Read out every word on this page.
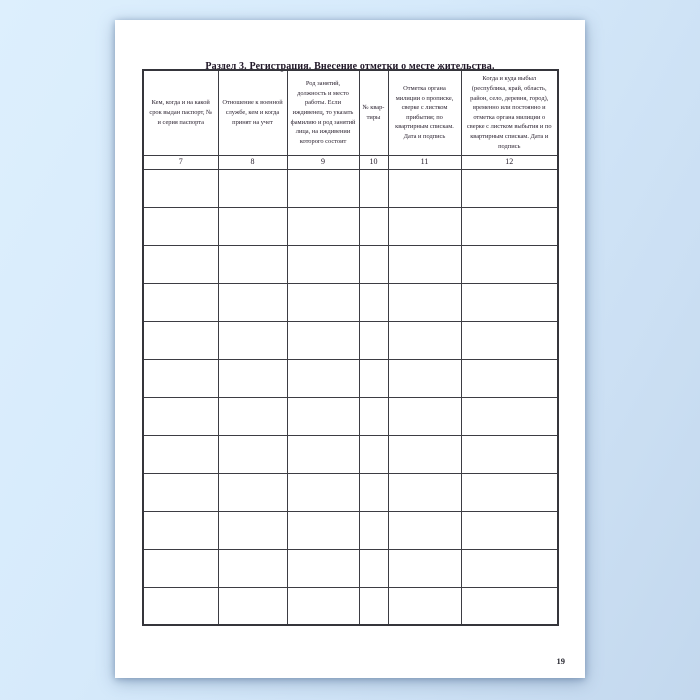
Раздел 3. Регистрация. Внесение отметки о месте жительства.
Кем, когда и на какой срок выдан паспорт, № и серия паспорта	Отношение к военной службе, кем и когда принят на учет	Род занятий, должность и место работы. Если иждивенец, то указать фамилию и род занятий лица, на иждивении которого состоит	№ квар-тиры	Отметка органа милиции о прописке, сверке с листком прибытия; по квартирным спискам. Дата и подпись	Когда и куда выбыл (республика, край, область, район, село, деревня, город), временно или постоянно и отметка органа милиции о сверке с листком выбытия и по квартирным спискам. Дата и подпись
7	8	9	10	11	12

19
